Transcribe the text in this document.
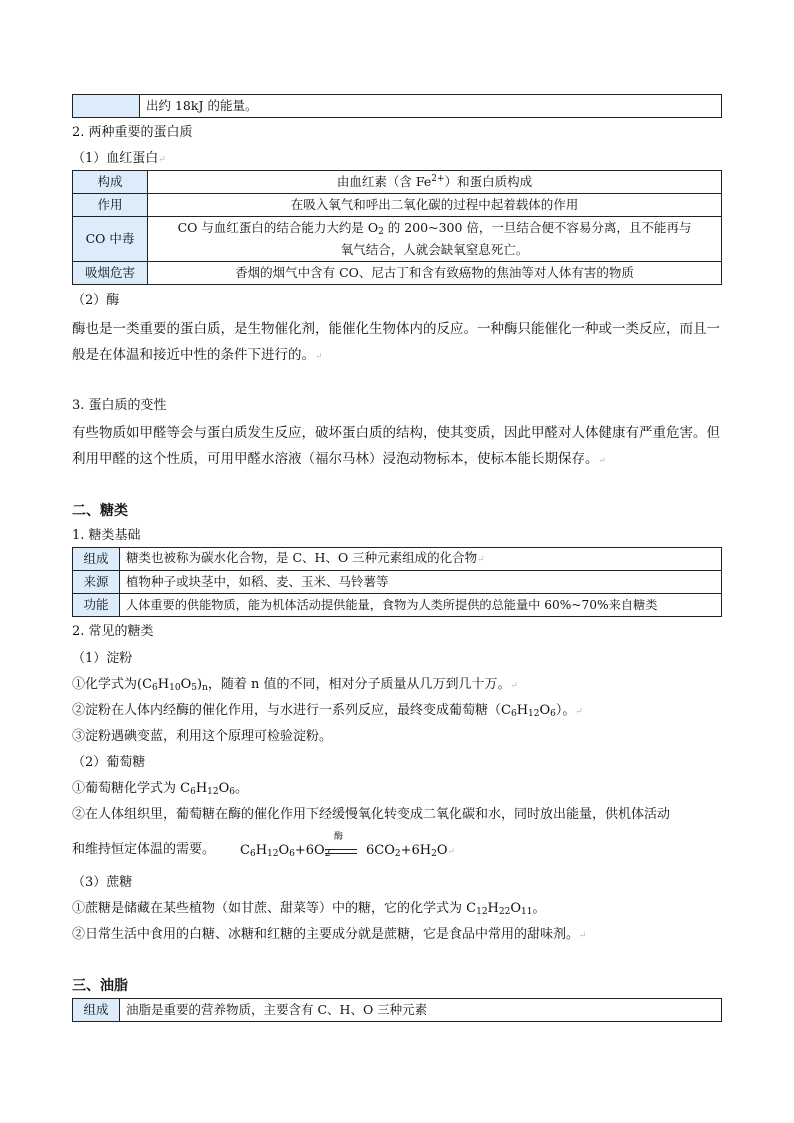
	出约 18kJ 的能量。
2. 两种重要的蛋白质
（1）血红蛋白↵
构成	由血红素（含 $Fe^{2+}$）和蛋白质构成
作用	在吸入氧气和呼出二氧化碳的过程中起着载体的作用
CO 中毒	CO 与血红蛋白的结合能力大约是 $O_2$ 的 200~300 倍，一旦结合便不容易分离，且不能再与
氧气结合，人就会缺氧窒息死亡。
吸烟危害	香烟的烟气中含有 CO、尼古丁和含有致癌物的焦油等对人体有害的物质
（2）酶
酶也是一类重要的蛋白质，是生物催化剂，能催化生物体内的反应。一种酶只能催化一种或一类反应，而且一般是在体温和接近中性的条件下进行的。↵
3. 蛋白质的变性
有些物质如甲醛等会与蛋白质发生反应，破坏蛋白质的结构，使其变质，因此甲醛对人体健康有严重危害。但利用甲醛的这个性质，可用甲醛水溶液（福尔马林）浸泡动物标本，使标本能长期保存。↵
二、糖类
1. 糖类基础
组成	糖类也被称为碳水化合物，是 C、H、O 三种元素组成的化合物↵
来源	植物种子或块茎中，如稻、麦、玉米、马铃薯等
功能	人体重要的供能物质，能为机体活动提供能量，食物为人类所提供的总能量中 60%~70%来自糖类
2. 常见的糖类
（1）淀粉
①化学式为$(C_6H_{10}O_5)_n$，随着 n 值的不同，相对分子质量从几万到几十万。↵
②淀粉在人体内经酶的催化作用，与水进行一系列反应，最终变成葡萄糖$(C_6H_{12}O_6)$。↵
③淀粉遇碘变蓝，利用这个原理可检验淀粉。
（2）葡萄糖
①葡萄糖化学式为 $C_6H_{12}O_6$。
②在人体组织里，葡萄糖在酶的催化作用下经缓慢氧化转变成二氧化碳和水，同时放出能量，供机体活动
和维持恒定体温的需要。 $C_6H_{12}O_6+6O_2$
酶
$6CO_2+6H_2O↵$
（3）蔗糖
①蔗糖是储藏在某些植物（如甘蔗、甜菜等）中的糖，它的化学式为 $C_{12}H_{22}O_{11}$。
②日常生活中食用的白糖、冰糖和红糖的主要成分就是蔗糖，它是食品中常用的甜味剂。↵
三、油脂
组成	油脂是重要的营养物质，主要含有 C、H、O 三种元素
